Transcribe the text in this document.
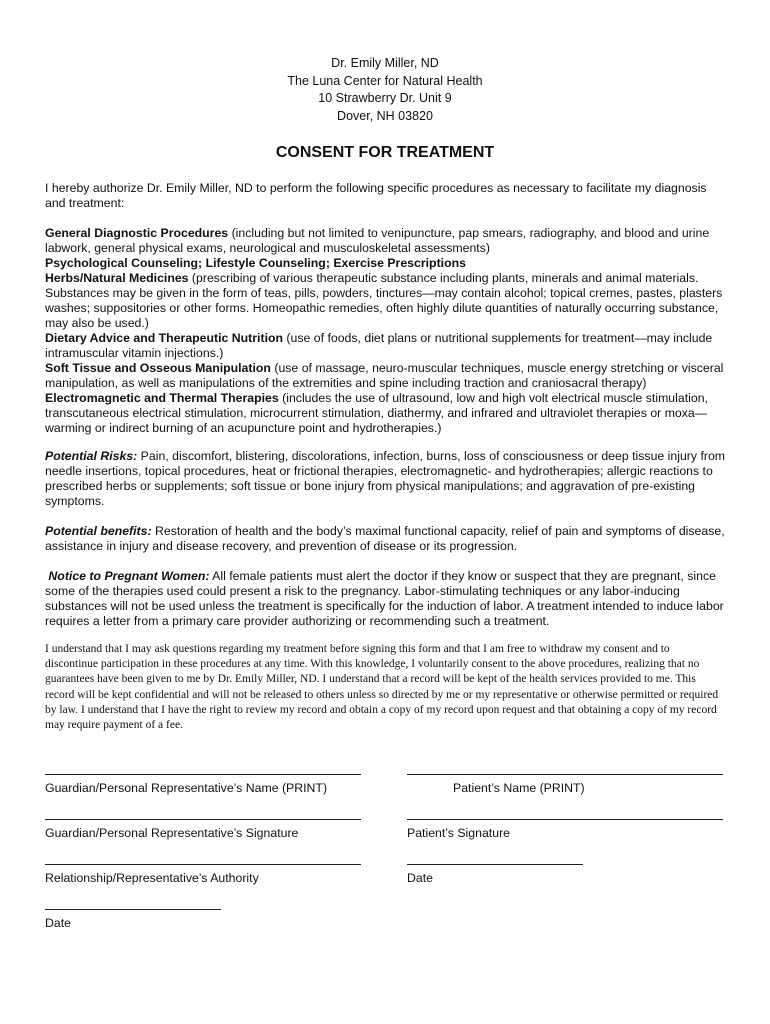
Dr. Emily Miller, ND
The Luna Center for Natural Health
10 Strawberry Dr. Unit 9
Dover, NH 03820
CONSENT FOR TREATMENT
I hereby authorize Dr. Emily Miller, ND to perform the following specific procedures as necessary to facilitate my diagnosis and treatment:
General Diagnostic Procedures (including but not limited to venipuncture, pap smears, radiography, and blood and urine labwork, general physical exams, neurological and musculoskeletal assessments)
Psychological Counseling; Lifestyle Counseling; Exercise Prescriptions
Herbs/Natural Medicines (prescribing of various therapeutic substance including plants, minerals and animal materials. Substances may be given in the form of teas, pills, powders, tinctures—may contain alcohol; topical cremes, pastes, plasters washes; suppositories or other forms. Homeopathic remedies, often highly dilute quantities of naturally occurring substance, may also be used.)
Dietary Advice and Therapeutic Nutrition (use of foods, diet plans or nutritional supplements for treatment—may include intramuscular vitamin injections.)
Soft Tissue and Osseous Manipulation (use of massage, neuro-muscular techniques, muscle energy stretching or visceral manipulation, as well as manipulations of the extremities and spine including traction and craniosacral therapy)
Electromagnetic and Thermal Therapies (includes the use of ultrasound, low and high volt electrical muscle stimulation, transcutaneous electrical stimulation, microcurrent stimulation, diathermy, and infrared and ultraviolet therapies or moxa—warming or indirect burning of an acupuncture point and hydrotherapies.)
Potential Risks: Pain, discomfort, blistering, discolorations, infection, burns, loss of consciousness or deep tissue injury from needle insertions, topical procedures, heat or frictional therapies, electromagnetic- and hydrotherapies; allergic reactions to prescribed herbs or supplements; soft tissue or bone injury from physical manipulations; and aggravation of pre-existing symptoms.
Potential benefits: Restoration of health and the body’s maximal functional capacity, relief of pain and symptoms of disease, assistance in injury and disease recovery, and prevention of disease or its progression.
Notice to Pregnant Women: All female patients must alert the doctor if they know or suspect that they are pregnant, since some of the therapies used could present a risk to the pregnancy. Labor-stimulating techniques or any labor-inducing substances will not be used unless the treatment is specifically for the induction of labor. A treatment intended to induce labor requires a letter from a primary care provider authorizing or recommending such a treatment.
I understand that I may ask questions regarding my treatment before signing this form and that I am free to withdraw my consent and to discontinue participation in these procedures at any time. With this knowledge, I voluntarily consent to the above procedures, realizing that no guarantees have been given to me by Dr. Emily Miller, ND. I understand that a record will be kept of the health services provided to me. This record will be kept confidential and will not be released to others unless so directed by me or my representative or otherwise permitted or required by law. I understand that I have the right to review my record and obtain a copy of my record upon request and that obtaining a copy of my record may require payment of a fee.
Guardian/Personal Representative’s Name (PRINT)	Patient’s Name (PRINT)
Guardian/Personal Representative’s Signature	Patient’s Signature
Relationship/Representative’s Authority	Date
Date
